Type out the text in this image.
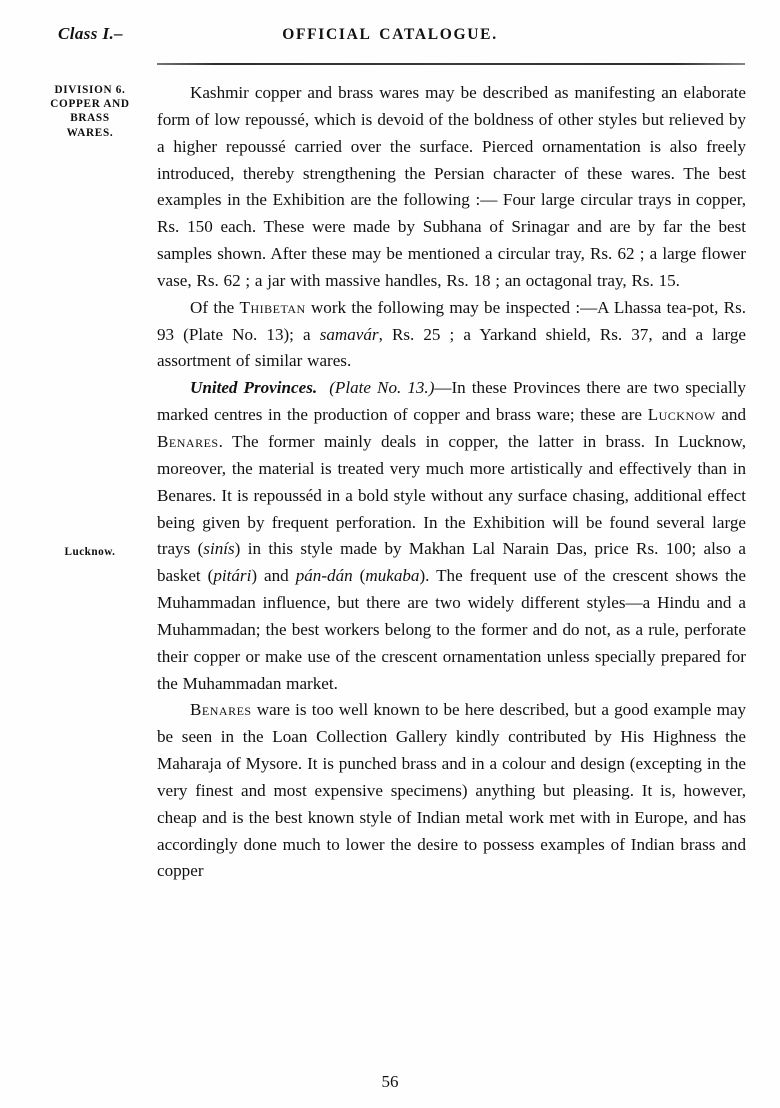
Class I.–	OFFICIAL CATALOGUE.
DIVISION 6.
COPPER AND
BRASS
WARES.
Lucknow.

Kashmir copper and brass wares may be described as manifesting an elaborate form of low repoussé, which is devoid of the boldness of other styles but relieved by a higher repoussé carried over the surface. Pierced ornamentation is also freely introduced, thereby strengthening the Persian character of these wares. The best examples in the Exhibition are the following :— Four large circular trays in copper, Rs. 150 each. These were made by Subhana of Srinagar and are by far the best samples shown. After these may be mentioned a circular tray, Rs. 62 ; a large flower vase, Rs. 62 ; a jar with massive handles, Rs. 18 ; an octagonal tray, Rs. 15.

Of the Thibetan work the following may be inspected :—A Lhassa tea-pot, Rs. 93 (Plate No. 13); a samavár, Rs. 25 ; a Yarkand shield, Rs. 37, and a large assortment of similar wares.

United Provinces. (Plate No. 13.)—In these Provinces there are two specially marked centres in the production of copper and brass ware; these are Lucknow and Benares. The former mainly deals in copper, the latter in brass. In Lucknow, moreover, the material is treated very much more artistically and effectively than in Benares. It is repousséd in a bold style without any surface chasing, additional effect being given by frequent perforation. In the Exhibition will be found several large trays (sinís) in this style made by Makhan Lal Narain Das, price Rs. 100; also a basket (pitári) and pán-dán (mukaba). The frequent use of the crescent shows the Muhammadan influence, but there are two widely different styles—a Hindu and a Muhammadan; the best workers belong to the former and do not, as a rule, perforate their copper or make use of the crescent ornamentation unless specially prepared for the Muhammadan market.

Benares ware is too well known to be here described, but a good example may be seen in the Loan Collection Gallery kindly contributed by His Highness the Maharaja of Mysore. It is punched brass and in a colour and design (excepting in the very finest and most expensive specimens) anything but pleasing. It is, however, cheap and is the best known style of Indian metal work met with in Europe, and has accordingly done much to lower the desire to possess examples of Indian brass and copper

56
